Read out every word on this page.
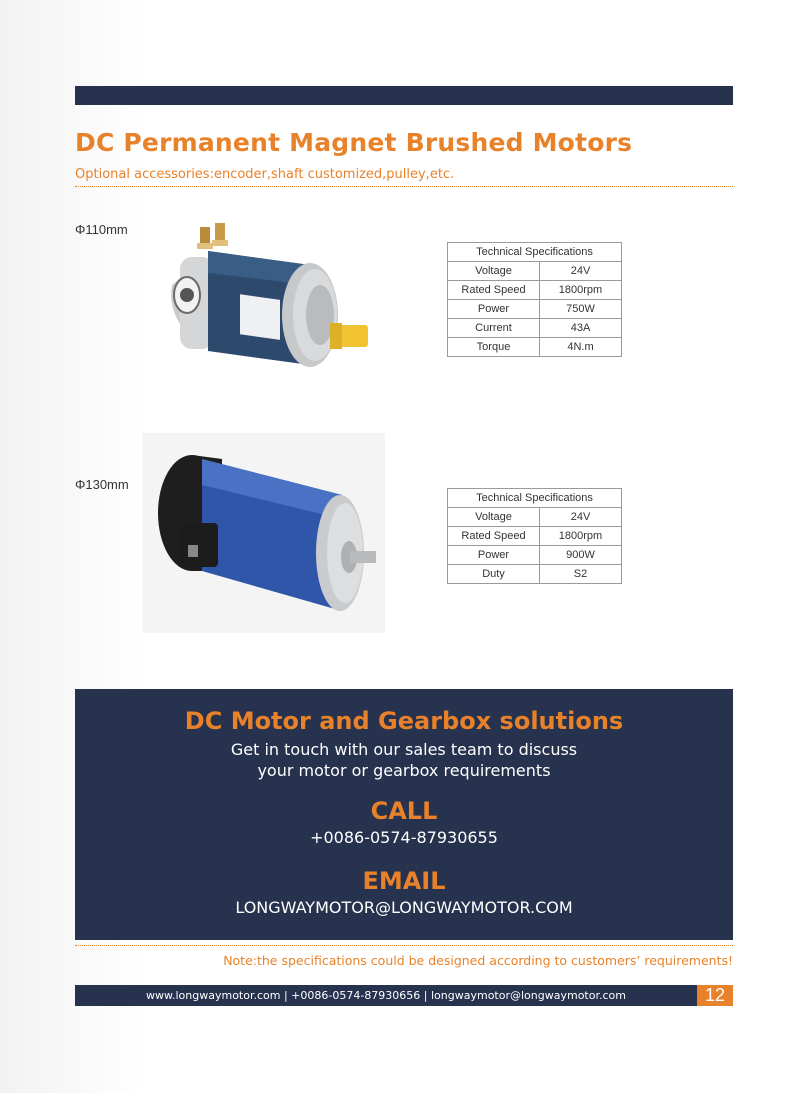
DC Permanent Magnet Brushed Motors
Optional accessories:encoder,shaft customized,pulley,etc.
Φ110mm
Technical Specifications	
Voltage	24V
Rated Speed	1800rpm
Power	750W
Current	43A
Torque	4N.m
Φ130mm
Technical Specifications	
Voltage	24V
Rated Speed	1800rpm
Power	900W
Duty	S2
DC Motor and Gearbox solutions
Get in touch with our sales team to discuss
your motor or gearbox requirements
CALL
+0086-0574-87930655
EMAIL
LONGWAYMOTOR@LONGWAYMOTOR.COM
Note:the specifications could be designed according to customers’ requirements!
www.longwaymotor.com | +0086-0574-87930656 | longwaymotor@longwaymotor.com	12
